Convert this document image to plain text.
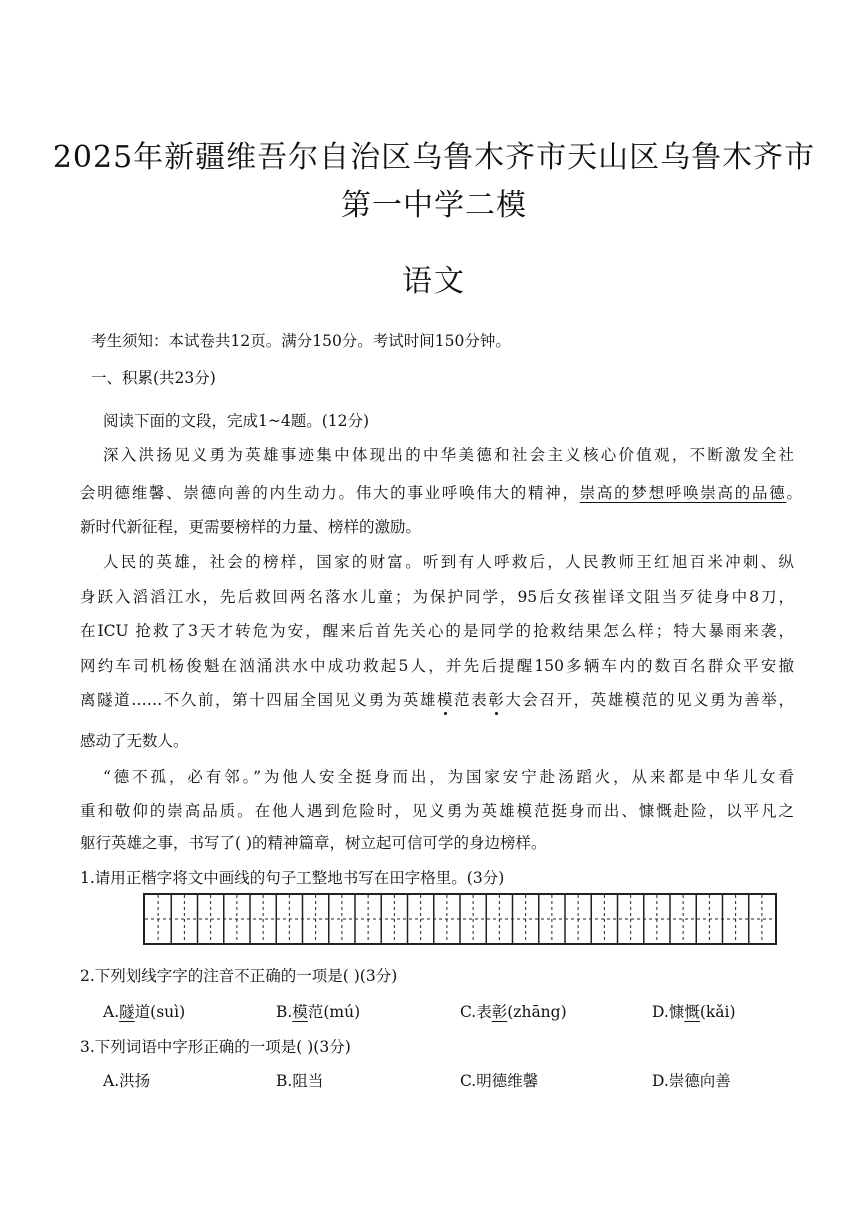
2025年新疆维吾尔自治区乌鲁木齐市天山区乌鲁木齐市
第一中学二模
语文
考生须知：本试卷共12页。满分150分。考试时间150分钟。
一、积累(共23分)
阅读下面的文段，完成1~4题。(12分)
深入洪扬见义勇为英雄事迹集中体现出的中华美德和社会主义核心价值观，不断激发全社
会明德维馨、崇德向善的内生动力。伟大的事业呼唤伟大的精神，崇高的梦想呼唤崇高的品德。
新时代新征程，更需要榜样的力量、榜样的激励。
人民的英雄，社会的榜样，国家的财富。听到有人呼救后，人民教师王红旭百米冲刺、纵
身跃入滔滔江水，先后救回两名落水儿童；为保护同学，95后女孩崔译文阻当歹徒身中8刀，
在ICU 抢救了3天才转危为安，醒来后首先关心的是同学的抢救结果怎么样；特大暴雨来袭，
网约车司机杨俊魁在汹涌洪水中成功救起5人，并先后提醒150多辆车内的数百名群众平安撤
离隧道……不久前，第十四届全国见义勇为英雄模范表彰大会召开，英雄模范的见义勇为善举，
感动了无数人。
“德不孤，必有邻。”为他人安全挺身而出，为国家安宁赴汤蹈火，从来都是中华儿女看
重和敬仰的崇高品质。在他人遇到危险时，见义勇为英雄模范挺身而出、慷慨赴险，以平凡之
躯行英雄之事，书写了( )的精神篇章，树立起可信可学的身边榜样。
1.请用正楷字将文中画线的句子工整地书写在田字格里。(3分)
2.下列划线字字的注音不正确的一项是( )(3分)
A.隧道(suì)	B.模范(mú)	C.表彰(zhāng)	D.慷慨(kǎi)
3.下列词语中字形正确的一项是( )(3分)
A.洪扬	B.阻当	C.明德维馨	D.崇德向善
